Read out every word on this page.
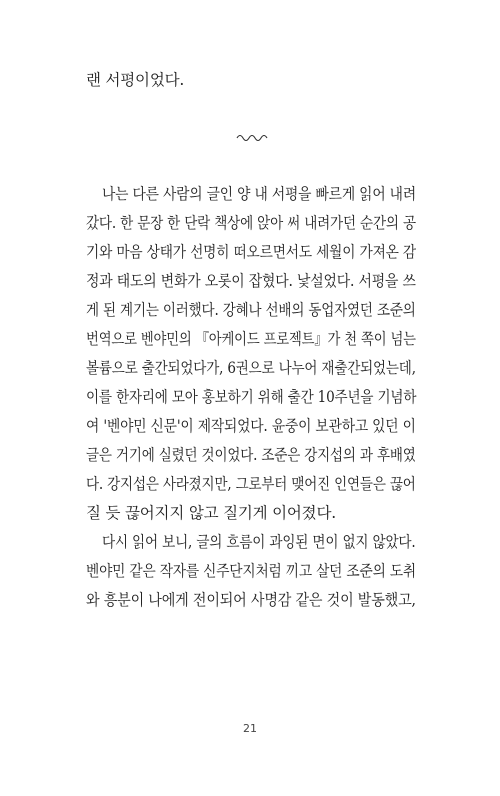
랜 서평이었다.
나는 다른 사람의 글인 양 내 서평을 빠르게 읽어 내려
갔다. 한 문장 한 단락 책상에 앉아 써 내려가던 순간의 공
기와 마음 상태가 선명히 떠오르면서도 세월이 가져온 감
정과 태도의 변화가 오롯이 잡혔다. 낯설었다. 서평을 쓰
게 된 계기는 이러했다. 강혜나 선배의 동업자였던 조준의
번역으로 벤야민의 『아케이드 프로젝트』가 천 쪽이 넘는
볼륨으로 출간되었다가, 6권으로 나누어 재출간되었는데,
이를 한자리에 모아 홍보하기 위해 출간 10주년을 기념하
여 '벤야민 신문'이 제작되었다. 윤중이 보관하고 있던 이
글은 거기에 실렸던 것이었다. 조준은 강지섭의 과 후배였
다. 강지섭은 사라졌지만, 그로부터 맺어진 인연들은 끊어
질 듯 끊어지지 않고 질기게 이어졌다.
다시 읽어 보니, 글의 흐름이 과잉된 면이 없지 않았다.
벤야민 같은 작자를 신주단지처럼 끼고 살던 조준의 도취
와 흥분이 나에게 전이되어 사명감 같은 것이 발동했고,
21
